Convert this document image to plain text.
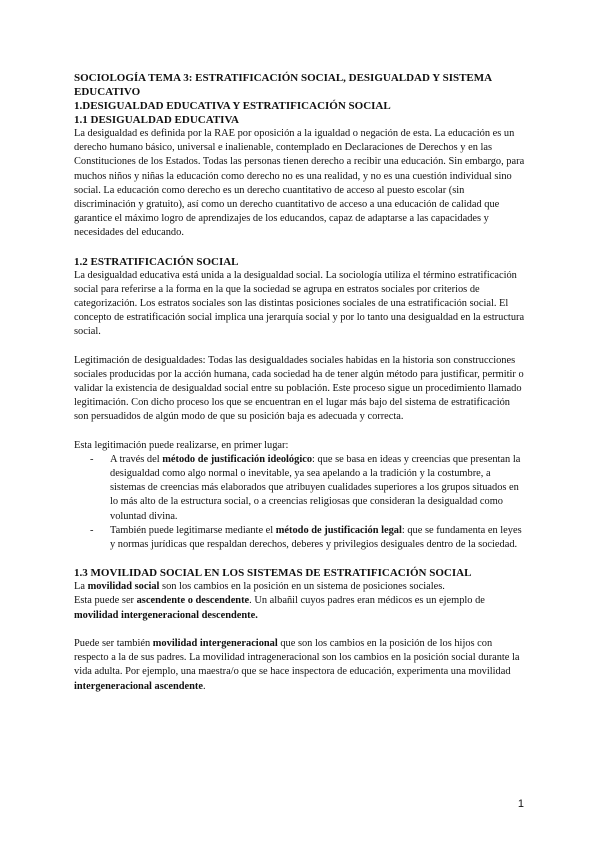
SOCIOLOGÍA TEMA 3: ESTRATIFICACIÓN SOCIAL, DESIGUALDAD Y SISTEMA EDUCATIVO

1.DESIGUALDAD EDUCATIVA Y ESTRATIFICACIÓN SOCIAL

1.1 DESIGUALDAD EDUCATIVA

La desigualdad es definida por la RAE por oposición a la igualdad o negación de esta. La educación es un derecho humano básico, universal e inalienable, contemplado en Declaraciones de Derechos y en las Constituciones de los Estados. Todas las personas tienen derecho a recibir una educación. Sin embargo, para muchos niños y niñas la educación como derecho no es una realidad, y no es una cuestión individual sino social. La educación como derecho es un derecho cuantitativo de acceso al puesto escolar (sin discriminación y gratuito), así como un derecho cuantitativo de acceso a una educación de calidad que garantice el máximo logro de aprendizajes de los educandos, capaz de adaptarse a las capacidades y necesidades del educando.

1.2 ESTRATIFICACIÓN SOCIAL

La desigualdad educativa está unida a la desigualdad social. La sociología utiliza el término estratificación social para referirse a la forma en la que la sociedad se agrupa en estratos sociales por criterios de categorización. Los estratos sociales son las distintas posiciones sociales de una estratificación social. El concepto de estratificación social implica una jerarquía social y por lo tanto una desigualdad en la estructura social.

Legitimación de desigualdades: Todas las desigualdades sociales habidas en la historia son construcciones sociales producidas por la acción humana, cada sociedad ha de tener algún método para justificar, permitir o validar la existencia de desigualdad social entre su población. Este proceso sigue un procedimiento llamado legitimación. Con dicho proceso los que se encuentran en el lugar más bajo del sistema de estratificación son persuadidos de algún modo de que su posición baja es adecuada y correcta.

Esta legitimación puede realizarse, en primer lugar:

- A través del método de justificación ideológico: que se basa en ideas y creencias que presentan la desigualdad como algo normal o inevitable, ya sea apelando a la tradición y la costumbre, a sistemas de creencias más elaborados que atribuyen cualidades superiores a los grupos situados en lo más alto de la estructura social, o a creencias religiosas que consideran la desigualdad como voluntad divina.
- También puede legitimarse mediante el método de justificación legal: que se fundamenta en leyes y normas jurídicas que respaldan derechos, deberes y privilegios desiguales dentro de la sociedad.

1.3 MOVILIDAD SOCIAL EN LOS SISTEMAS DE ESTRATIFICACIÓN SOCIAL

La movilidad social son los cambios en la posición en un sistema de posiciones sociales.

Esta puede ser ascendente o descendente. Un albañil cuyos padres eran médicos es un ejemplo de movilidad intergeneracional descendente.

Puede ser también movilidad intergeneracional que son los cambios en la posición de los hijos con respecto a la de sus padres. La movilidad intrageneracional son los cambios en la posición social durante la vida adulta. Por ejemplo, una maestra/o que se hace inspectora de educación, experimenta una movilidad intergeneracional ascendente.

1
